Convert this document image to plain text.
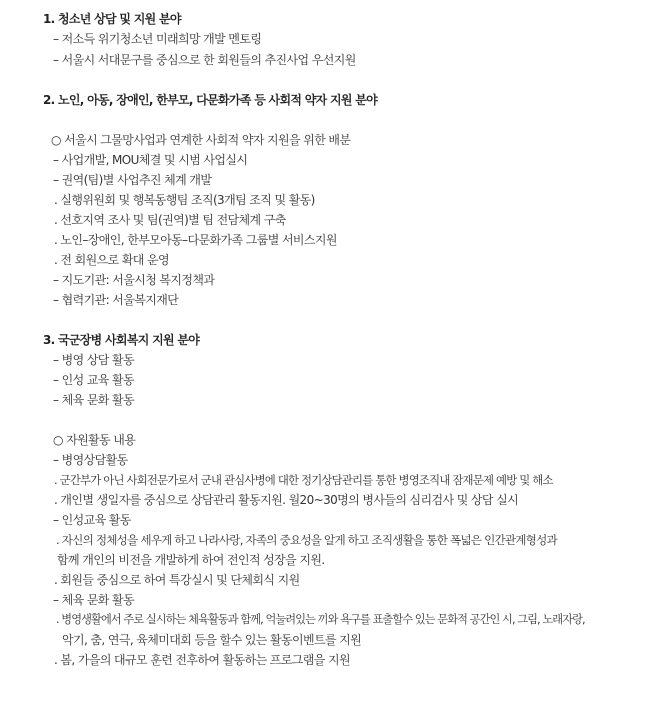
1. 청소년 상담 및 지원 분야
– 저소득 위기청소년 미래희망 개발 멘토링
– 서울시 서대문구를 중심으로 한 회원들의 추진사업 우선지원
2. 노인, 아동, 장애인, 한부모, 다문화가족 등 사회적 약자 지원 분야
○ 서울시 그물망사업과 연계한 사회적 약자 지원을 위한 배분
– 사업개발, MOU체결 및 시범 사업실시
– 권역(팀)별 사업추진 체계 개발
. 실행위원회 및 행복동행팀 조직(3개팀 조직 및 활동)
. 선호지역 조사 및 팀(권역)별 팀 전담체계 구축
. 노인–장애인, 한부모아동–다문화가족 그룹별 서비스지원
. 전 회원으로 확대 운영
– 지도기관: 서울시청 복지정책과
– 협력기관: 서울복지재단
3. 국군장병 사회복지 지원 분야
– 병영 상담 활동
– 인성 교육 활동
– 체육 문화 활동
○ 자원활동 내용
– 병영상담활동
. 군간부가 아닌 사회전문가로서 군내 관심사병에 대한 정기상담관리를 통한 병영조직내 잠재문제 예방 및 해소
. 개인별 생일자를 중심으로 상담관리 활동지원. 월20~30명의 병사들의 심리검사 및 상담 실시
– 인성교육 활동
. 자신의 정체성을 세우게 하고 나라사랑, 자족의 중요성을 알게 하고 조직생활을 통한 폭넓은 인간관계형성과
함께 개인의 비전을 개발하게 하여 전인적 성장을 지원.
. 회원들 중심으로 하여 특강실시 및 단체회식 지원
– 체육 문화 활동
. 병영생활에서 주로 실시하는 체육활동과 함께, 억눌려있는 끼와 욕구를 표출할수 있는 문화적 공간인 시, 그림, 노래자랑,
악기, 춤, 연극, 육체미대회 등을 할수 있는 활동이벤트를 지원
. 봄, 가을의 대규모 훈련 전후하여 활동하는 프로그램을 지원
